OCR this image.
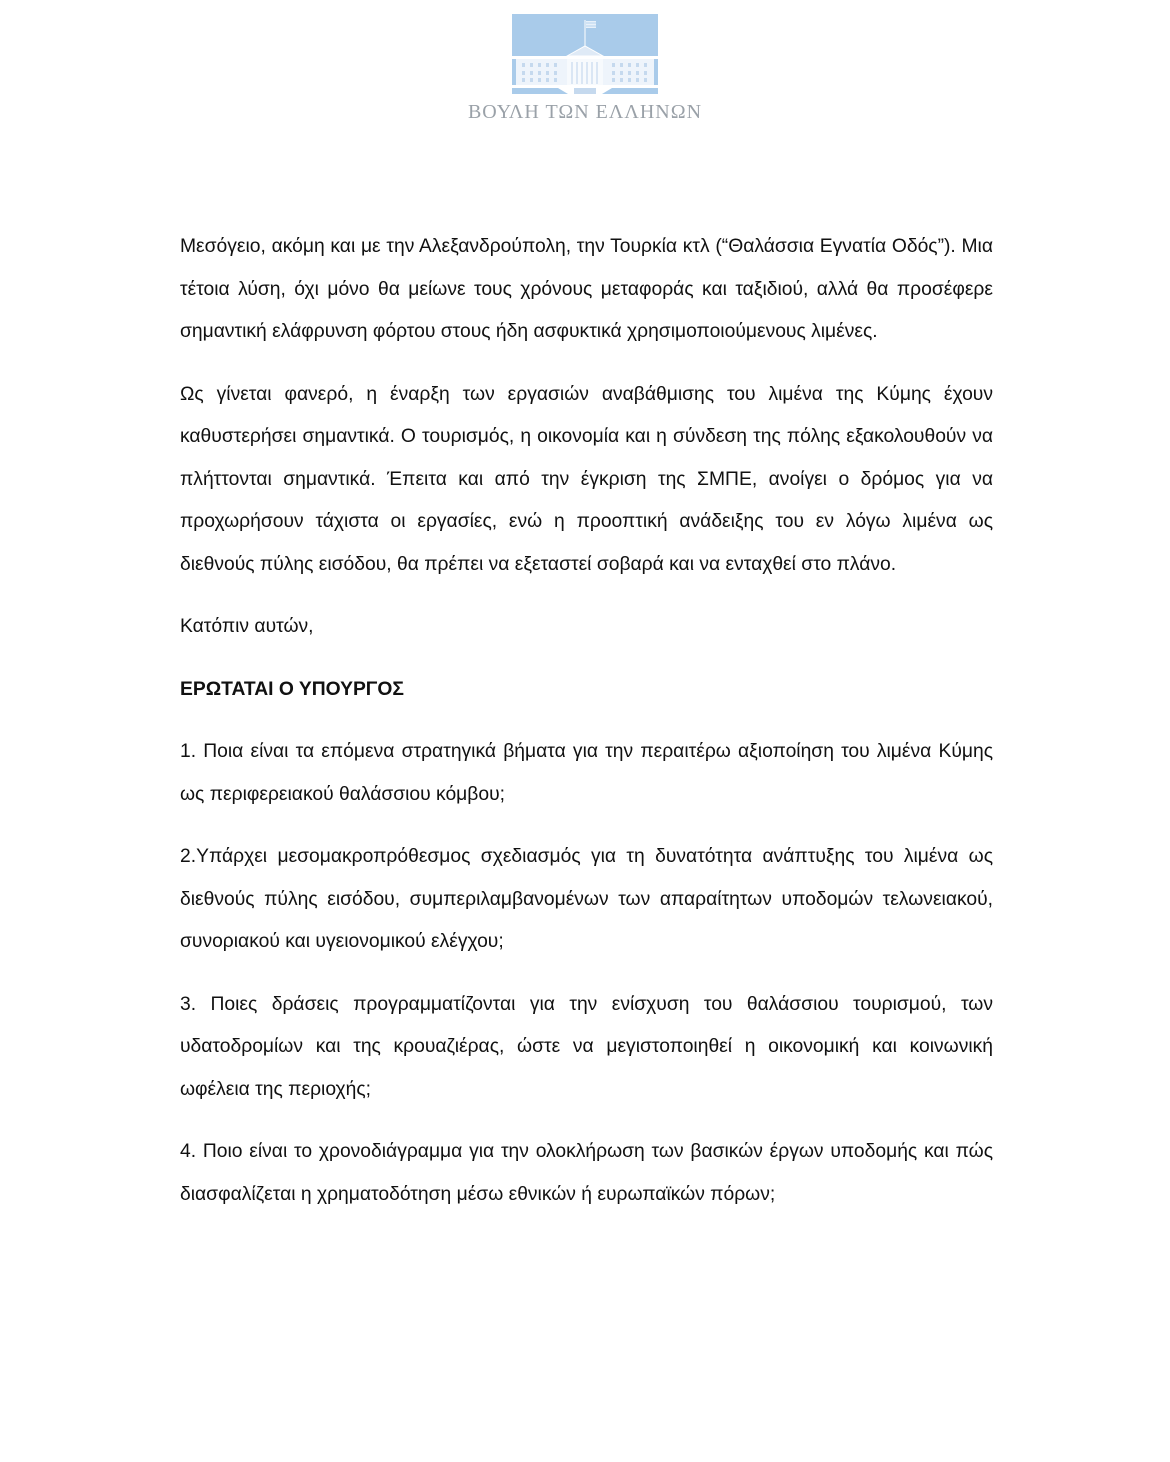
ΒΟΥΛΗ ΤΩΝ ΕΛΛΗΝΩΝ

Μεσόγειο, ακόμη και με την Αλεξανδρούπολη, την Τουρκία κτλ (“Θαλάσσια Εγνατία Οδός”). Μια τέτοια λύση, όχι μόνο θα μείωνε τους χρόνους μεταφοράς και ταξιδιού, αλλά θα προσέφερε σημαντική ελάφρυνση φόρτου στους ήδη ασφυκτικά χρησιμοποιούμενους λιμένες.

Ως γίνεται φανερό, η έναρξη των εργασιών αναβάθμισης του λιμένα της Κύμης έχουν καθυστερήσει σημαντικά. Ο τουρισμός, η οικονομία και η σύνδεση της πόλης εξακολουθούν να πλήττονται σημαντικά. Έπειτα και από την έγκριση της ΣΜΠΕ, ανοίγει ο δρόμος για να προχωρήσουν τάχιστα οι εργασίες, ενώ η προοπτική ανάδειξης του εν λόγω λιμένα ως διεθνούς πύλης εισόδου, θα πρέπει να εξεταστεί σοβαρά και να ενταχθεί στο πλάνο.

Κατόπιν αυτών,

ΕΡΩΤΑΤΑΙ Ο ΥΠΟΥΡΓΟΣ

1. Ποια είναι τα επόμενα στρατηγικά βήματα για την περαιτέρω αξιοποίηση του λιμένα Κύμης ως περιφερειακού θαλάσσιου κόμβου;

2.Υπάρχει μεσομακροπρόθεσμος σχεδιασμός για τη δυνατότητα ανάπτυξης του λιμένα ως διεθνούς πύλης εισόδου, συμπεριλαμβανομένων των απαραίτητων υποδομών τελωνειακού, συνοριακού και υγειονομικού ελέγχου;

3. Ποιες δράσεις προγραμματίζονται για την ενίσχυση του θαλάσσιου τουρισμού, των υδατοδρομίων και της κρουαζιέρας, ώστε να μεγιστοποιηθεί η οικονομική και κοινωνική ωφέλεια της περιοχής;

4. Ποιο είναι το χρονοδιάγραμμα για την ολοκλήρωση των βασικών έργων υποδομής και πώς διασφαλίζεται η χρηματοδότηση μέσω εθνικών ή ευρωπαϊκών πόρων;
